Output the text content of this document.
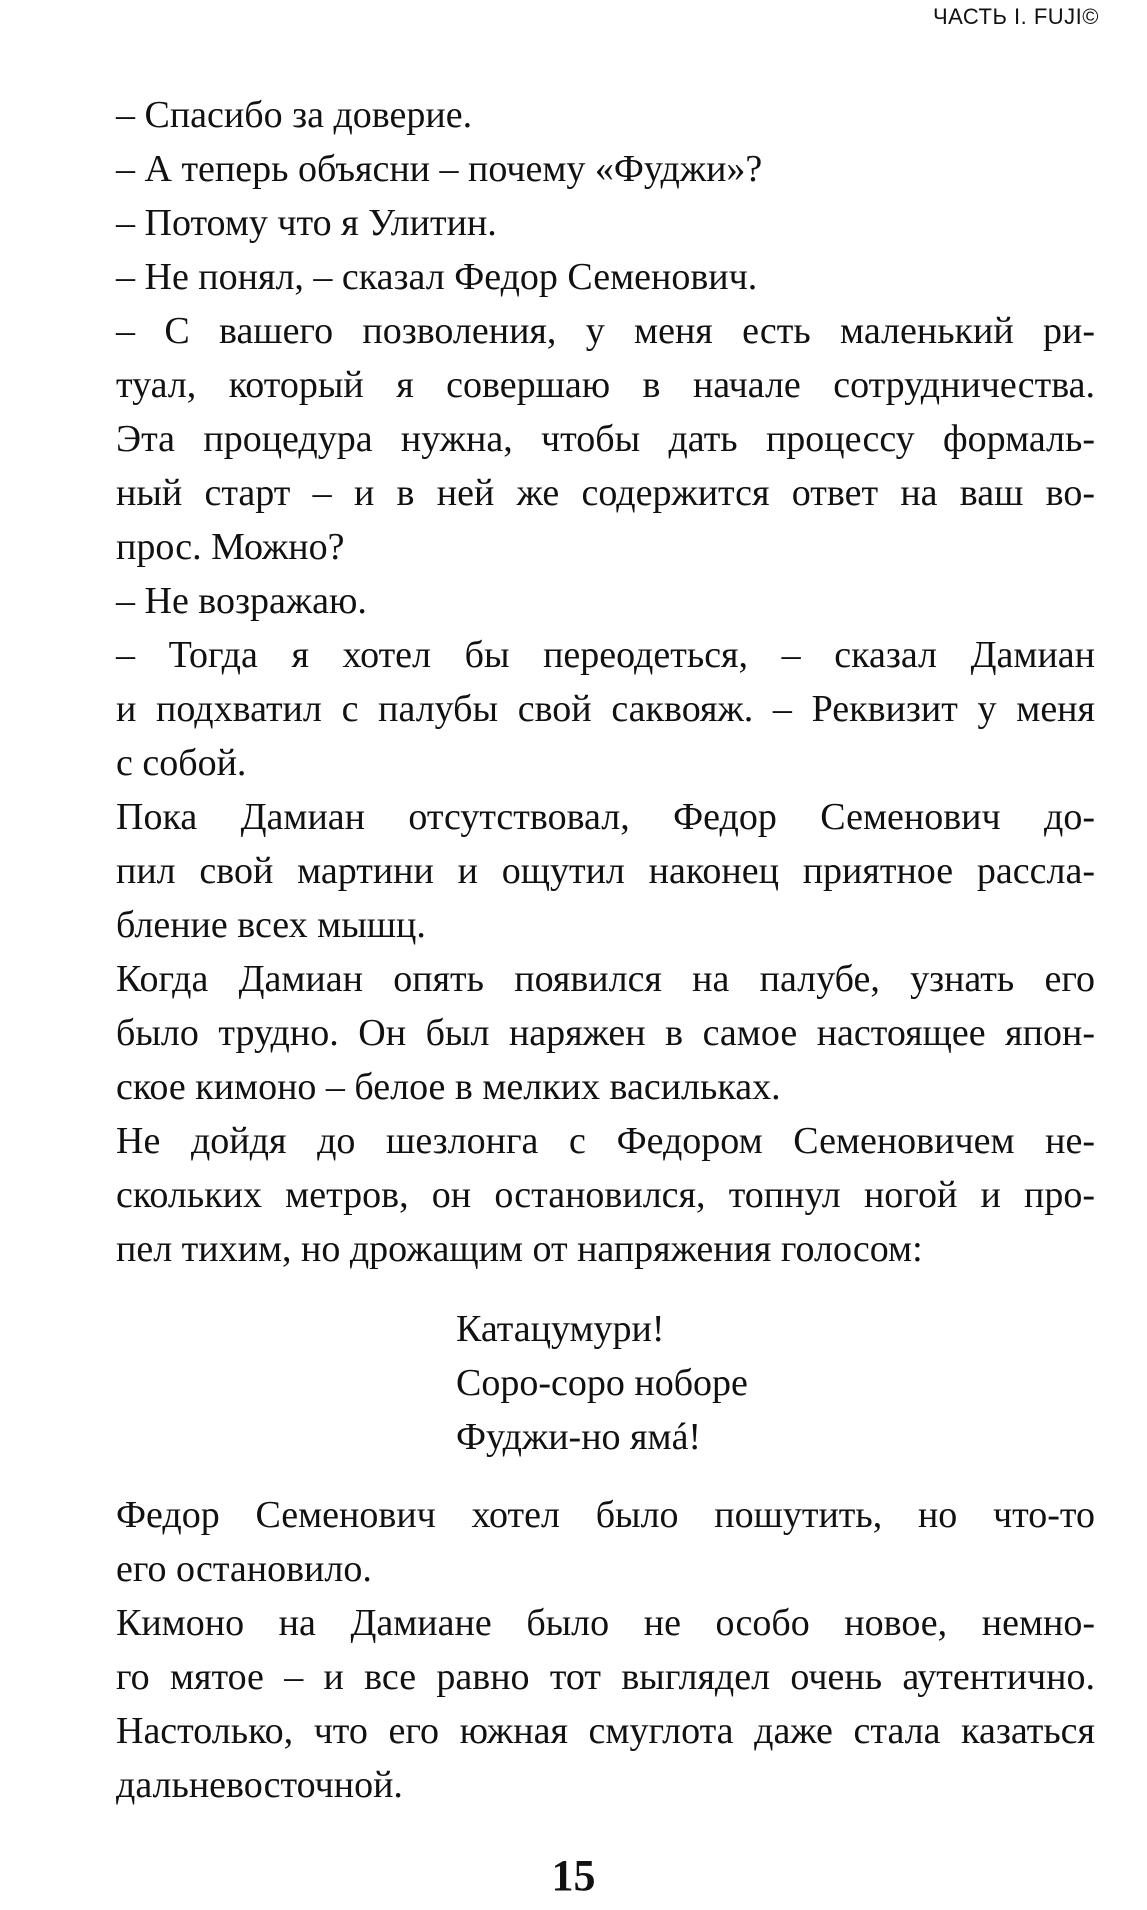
ЧАСТЬ I. FUJI©

– Спасибо за доверие.

– А теперь объясни – почему «Фуджи»?

– Потому что я Улитин.

– Не понял, – сказал Федор Семенович.

– С вашего позволения, у меня есть маленький ри-
туал, который я совершаю в начале сотрудничества.
Эта процедура нужна, чтобы дать процессу формаль-
ный старт – и в ней же содержится ответ на ваш во-
прос. Можно?

– Не возражаю.

– Тогда я хотел бы переодеться, – сказал Дамиан
и подхватил с палубы свой саквояж. – Реквизит у меня
с собой.

Пока Дамиан отсутствовал, Федор Семенович до-
пил свой мартини и ощутил наконец приятное расслa-
бление всех мышц.

Когда Дамиан опять появился на палубе, узнать его
было трудно. Он был наряжен в самое настоящее япон-
ское кимоно – белое в мелких васильках.

Не дойдя до шезлонга с Федором Семеновичем не-
скольких метров, он остановился, топнул ногой и про-
пел тихим, но дрожащим от напряжения голосом:

Катацумури!
Соро-соро ноборе
Фуджи-но ямá!

Федор Семенович хотел было пошутить, но что-то
его остановило.

Кимоно на Дамиане было не особо новое, немно-
го мятое – и все равно тот выглядел очень аутентично.
Настолько, что его южная смуглота даже стала казаться
дальневосточной.

15
